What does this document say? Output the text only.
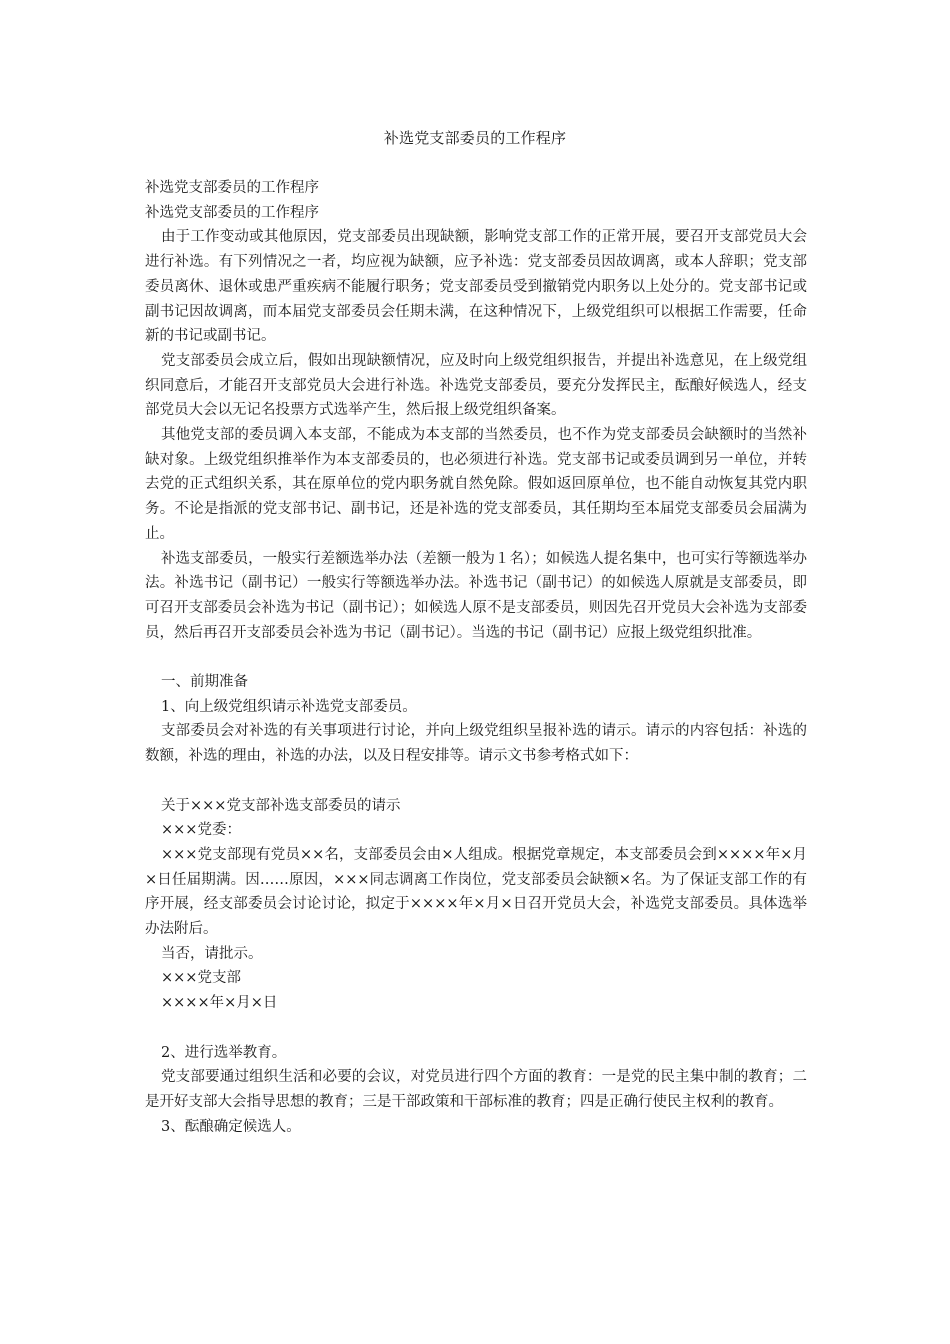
补选党支部委员的工作程序

补选党支部委员的工作程序

补选党支部委员的工作程序

由于工作变动或其他原因，党支部委员出现缺额，影响党支部工作的正常开展，要召开支部党员大会进行补选。有下列情况之一者，均应视为缺额，应予补选：党支部委员因故调离，或本人辞职；党支部委员离休、退休或患严重疾病不能履行职务；党支部委员受到撤销党内职务以上处分的。党支部书记或副书记因故调离，而本届党支部委员会任期未满，在这种情况下，上级党组织可以根据工作需要，任命新的书记或副书记。

党支部委员会成立后，假如出现缺额情况，应及时向上级党组织报告，并提出补选意见，在上级党组织同意后，才能召开支部党员大会进行补选。补选党支部委员，要充分发挥民主，酝酿好候选人，经支部党员大会以无记名投票方式选举产生，然后报上级党组织备案。

其他党支部的委员调入本支部，不能成为本支部的当然委员，也不作为党支部委员会缺额时的当然补缺对象。上级党组织推举作为本支部委员的，也必须进行补选。党支部书记或委员调到另一单位，并转去党的正式组织关系，其在原单位的党内职务就自然免除。假如返回原单位，也不能自动恢复其党内职务。不论是指派的党支部书记、副书记，还是补选的党支部委员，其任期均至本届党支部委员会届满为止。

补选支部委员，一般实行差额选举办法（差额一般为１名）；如候选人提名集中，也可实行等额选举办法。补选书记（副书记）一般实行等额选举办法。补选书记（副书记）的如候选人原就是支部委员，即可召开支部委员会补选为书记（副书记）；如候选人原不是支部委员，则因先召开党员大会补选为支部委员，然后再召开支部委员会补选为书记（副书记）。当选的书记（副书记）应报上级党组织批准。

一、前期准备

1、向上级党组织请示补选党支部委员。

支部委员会对补选的有关事项进行讨论，并向上级党组织呈报补选的请示。请示的内容包括：补选的数额，补选的理由，补选的办法，以及日程安排等。请示文书参考格式如下：

关于×××党支部补选支部委员的请示

×××党委：

×××党支部现有党员××名，支部委员会由×人组成。根据党章规定，本支部委员会到××××年×月×日任届期满。因……原因，×××同志调离工作岗位，党支部委员会缺额×名。为了保证支部工作的有序开展，经支部委员会讨论讨论，拟定于××××年×月×日召开党员大会，补选党支部委员。具体选举办法附后。

当否，请批示。

×××党支部

××××年×月×日

2、进行选举教育。

党支部要通过组织生活和必要的会议，对党员进行四个方面的教育：一是党的民主集中制的教育；二是开好支部大会指导思想的教育；三是干部政策和干部标准的教育；四是正确行使民主权利的教育。

3、酝酿确定候选人。
